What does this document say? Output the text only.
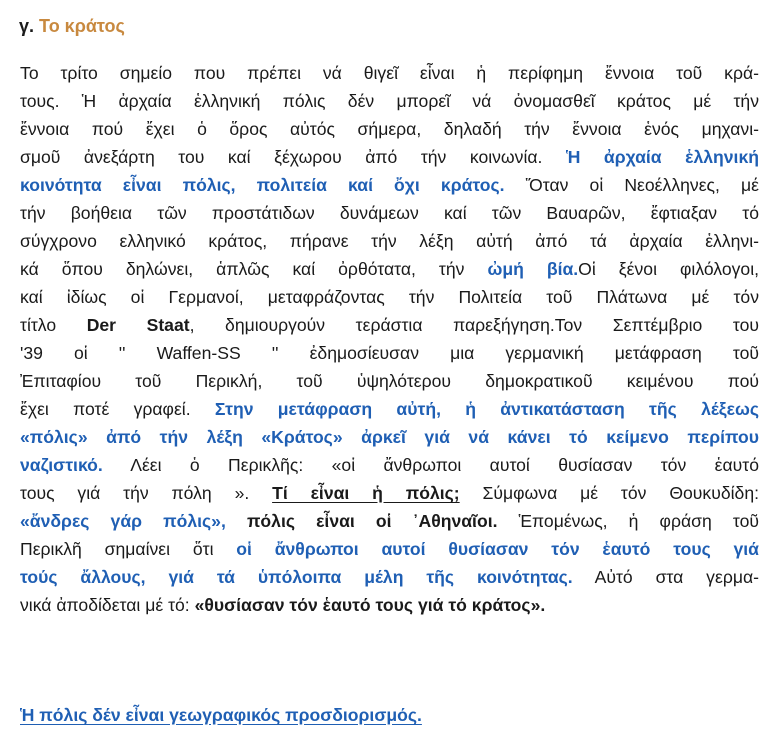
γ. Το κράτος
Το τρίτο σημείο που πρέπει νά θιγεῖ εἶναι ἡ περίφημη ἔννοια τοῦ κρά-
τους. Ἡ ἀρχαία ἑλληνική πόλις δέν μπορεῖ νά ὀνομασθεῖ κράτος μέ τήν
ἔννοια πού ἔχει ὁ ὅρος αὐτός σήμερα, δηλαδή τήν ἔννοια ἑνός μηχανι-
σμοῦ ἀνεξάρτη του καί ξέχωρου ἀπό τήν κοινωνία. Ἡ ἀρχαία ἑλληνική
κοινότητα εἶναι πόλις, πολιτεία καί ὄχι κράτος. Ὅταν οἱ Νεοέλληνες, μέ
τήν βοήθεια τῶν προστάτιδων δυνάμεων καί τῶν Βαυαρῶν, ἔφτιαξαν τό
σύγχρονο ελληνικό κράτος, πήρανε τήν λέξη αὐτή ἀπό τά ἀρχαία ἑλληνι-
κά ὅπου δηλώνει, ἁπλῶς καί ὀρθότατα, τήν ὠμή βία.Οἱ ξένοι φιλόλογοι,
καί ἰδίως οἱ Γερμανοί, μεταφράζοντας τήν Πολιτεία τοῦ Πλάτωνα μέ τόν
τίτλο Der Staat, δημιουργούν τεράστια παρεξήγηση.Τον Σεπτέμβριο του
'39 οἱ '' Waffen-SS '' ἐδημοσίευσαν μια γερμανική μετάφραση τοῦ
Ἐπιταφίου τοῦ Περικλή, τοῦ ὑψηλότερου δημοκρατικοῦ κειμένου πού
ἔχει ποτέ γραφεί. Στην μετάφραση αὐτή, ἡ ἀντικατάσταση τῆς λέξεως
«πόλις» ἀπό τήν λέξη «Κράτος» ἀρκεῖ γιά νά κάνει τό κείμενο περίπου
ναζιστικό. Λέει ὁ Περικλῆς: «οἱ ἄνθρωποι αυτοί θυσίασαν τόν ἑαυτό
τους γιά τήν πόλη ». Τί εἶναι ἡ πόλις; Σύμφωνα μέ τόν Θουκυδίδη:
«ἄνδρες γάρ πόλις», πόλις εἶναι οἱ ᾿Αθηναῖοι. Ἑπομένως, ἡ φράση τοῦ
Περικλῆ σημαίνει ὅτι οἱ ἄνθρωποι αυτοί θυσίασαν τόν ἑαυτό τους γιά
τούς ἄλλους, γιά τά ὑπόλοιπα μέλη τῆς κοινότητας. Αὐτό στα γερμα-
νικά ἀποδίδεται μέ τό: «θυσίασαν τόν ἑαυτό τους γιά τό κράτος».
Ἡ πόλις δέν εἶναι γεωγραφικός προσδιορισμός.
